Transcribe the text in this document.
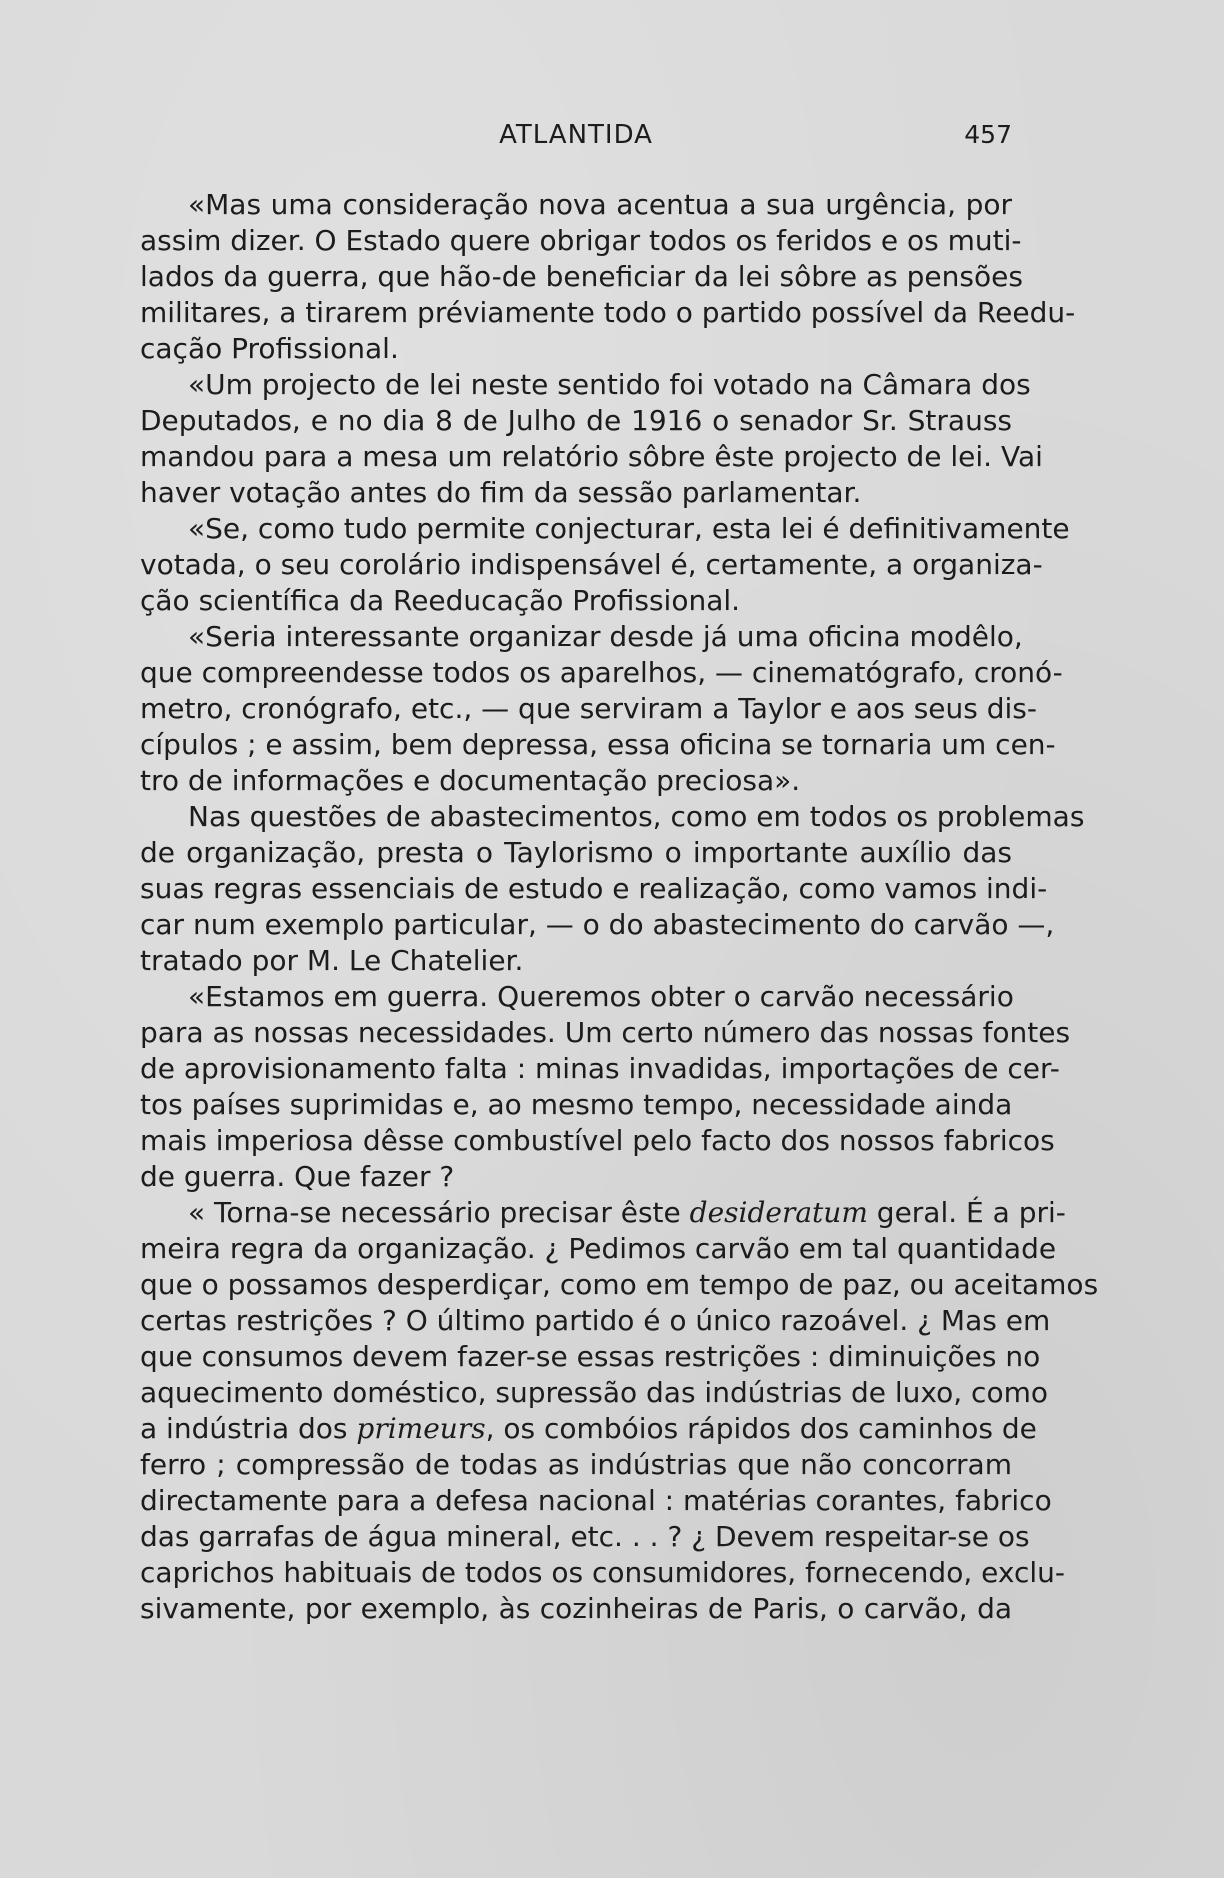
ATLANTIDA	457
«Mas uma consideração nova acentua a sua urgência, por
assim dizer. O Estado quere obrigar todos os feridos e os muti-
lados da guerra, que hão-de beneficiar da lei sôbre as pensões
militares, a tirarem préviamente todo o partido possível da Reedu-
cação Profissional.
«Um projecto de lei neste sentido foi votado na Câmara dos
Deputados, e no dia 8 de Julho de 1916 o senador Sr. Strauss
mandou para a mesa um relatório sôbre êste projecto de lei. Vai
haver votação antes do fim da sessão parlamentar.
«Se, como tudo permite conjecturar, esta lei é definitivamente
votada, o seu corolário indispensável é, certamente, a organiza-
ção scientífica da Reeducação Profissional.
«Seria interessante organizar desde já uma oficina modêlo,
que compreendesse todos os aparelhos, — cinematógrafo, cronó-
metro, cronógrafo, etc., — que serviram a Taylor e aos seus dis-
cípulos ; e assim, bem depressa, essa oficina se tornaria um cen-
tro de informações e documentação preciosa».
Nas questões de abastecimentos, como em todos os problemas
de organização, presta o Taylorismo o importante auxílio das
suas regras essenciais de estudo e realização, como vamos indi-
car num exemplo particular, — o do abastecimento do carvão —,
tratado por M. Le Chatelier.
«Estamos em guerra. Queremos obter o carvão necessário
para as nossas necessidades. Um certo número das nossas fontes
de aprovisionamento falta : minas invadidas, importações de cer-
tos países suprimidas e, ao mesmo tempo, necessidade ainda
mais imperiosa dêsse combustível pelo facto dos nossos fabricos
de guerra. Que fazer ?
« Torna-se necessário precisar êste desideratum geral. É a pri-
meira regra da organização. ¿ Pedimos carvão em tal quantidade
que o possamos desperdiçar, como em tempo de paz, ou aceitamos
certas restrições ? O último partido é o único razoável. ¿ Mas em
que consumos devem fazer-se essas restrições : diminuições no
aquecimento doméstico, supressão das indústrias de luxo, como
a indústria dos primeurs, os combóios rápidos dos caminhos de
ferro ; compressão de todas as indústrias que não concorram
directamente para a defesa nacional : matérias corantes, fabrico
das garrafas de água mineral, etc. . . ? ¿ Devem respeitar-se os
caprichos habituais de todos os consumidores, fornecendo, exclu-
sivamente, por exemplo, às cozinheiras de Paris, o carvão, da
